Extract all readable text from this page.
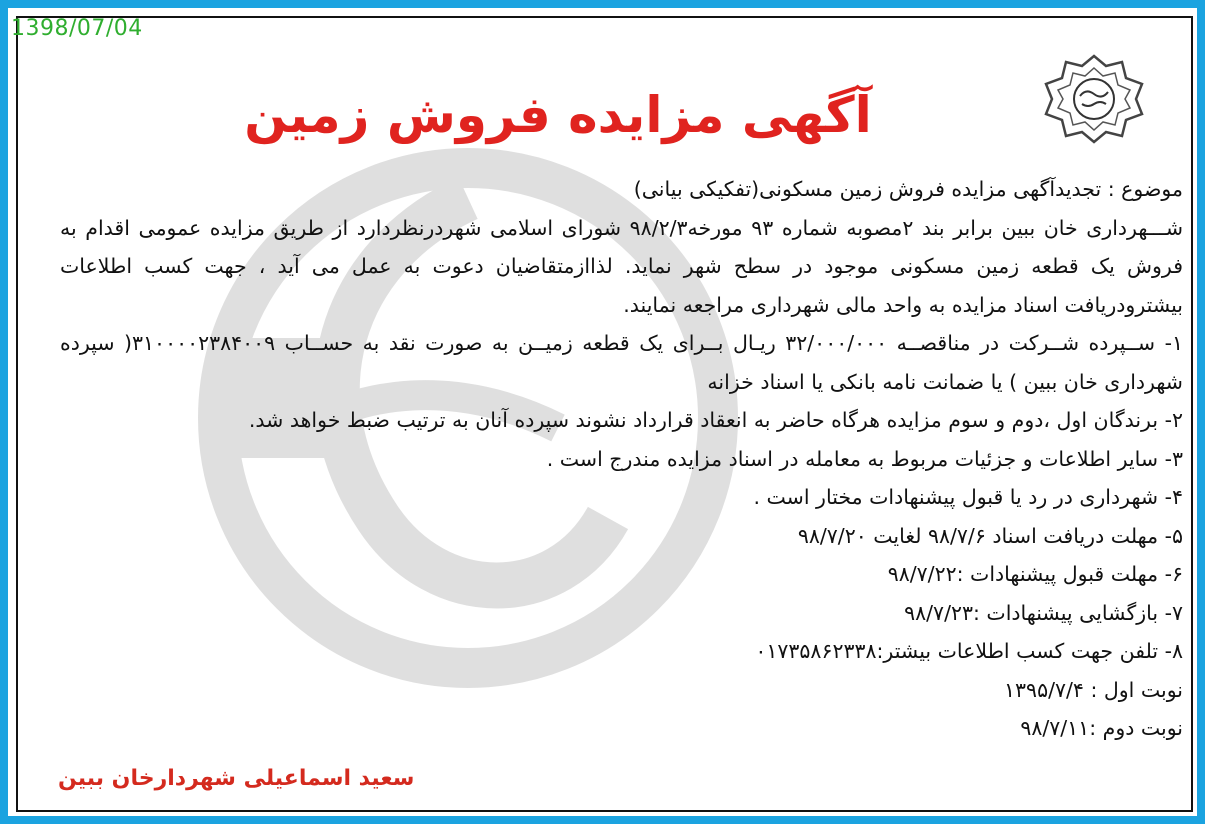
آگهی مزایده فروش زمین

موضوع : تجدیدآگهی مزایده فروش زمین مسکونی(تفکیکی بیانی)

شـــهرداری خان ببین برابر بند ۲مصوبه شماره ۹۳ مورخه۹۸/۲/۳ شورای اسلامی شهردرنظردارد از طریق مزایده عمومی اقدام به فروش یک قطعه زمین مسکونی موجود در سطح شهر نماید. لذاازمتقاضیان دعوت به عمل می آید ، جهت کسب اطلاعات بیشترودریافت اسناد مزایده به واحد مالی شهرداری مراجعه نمایند.

۱- ســپرده شــرکت در مناقصــه ۳۲/۰۰۰/۰۰۰ ریـال بــرای یک قطعه زمیــن به صورت نقد به حســاب ۳۱۰۰۰۰۲۳۸۴۰۰۹( سپرده شهرداری خان ببین ) یا ضمانت نامه بانکی یا اسناد خزانه

۲- برندگان اول ،دوم و سوم مزایده هرگاه حاضر به انعقاد قرارداد نشوند سپرده آنان به ترتیب ضبط خواهد شد.

۳- سایر اطلاعات و جزئیات مربوط به معامله در اسناد مزایده مندرج است .

۴- شهرداری در رد یا قبول پیشنهادات مختار است .

۵- مهلت دریافت اسناد ۹۸/۷/۶ لغایت ۹۸/۷/۲۰

۶- مهلت قبول پیشنهادات :۹۸/۷/۲۲

۷- بازگشایی پیشنهادات :۹۸/۷/۲۳

۸- تلفن جهت کسب اطلاعات بیشتر:۰۱۷۳۵۸۶۲۳۳۸

نوبت اول : ۱۳۹۵/۷/۴

نوبت دوم :۹۸/۷/۱۱

سعید اسماعیلی شهردارخان ببین
1398/07/04
